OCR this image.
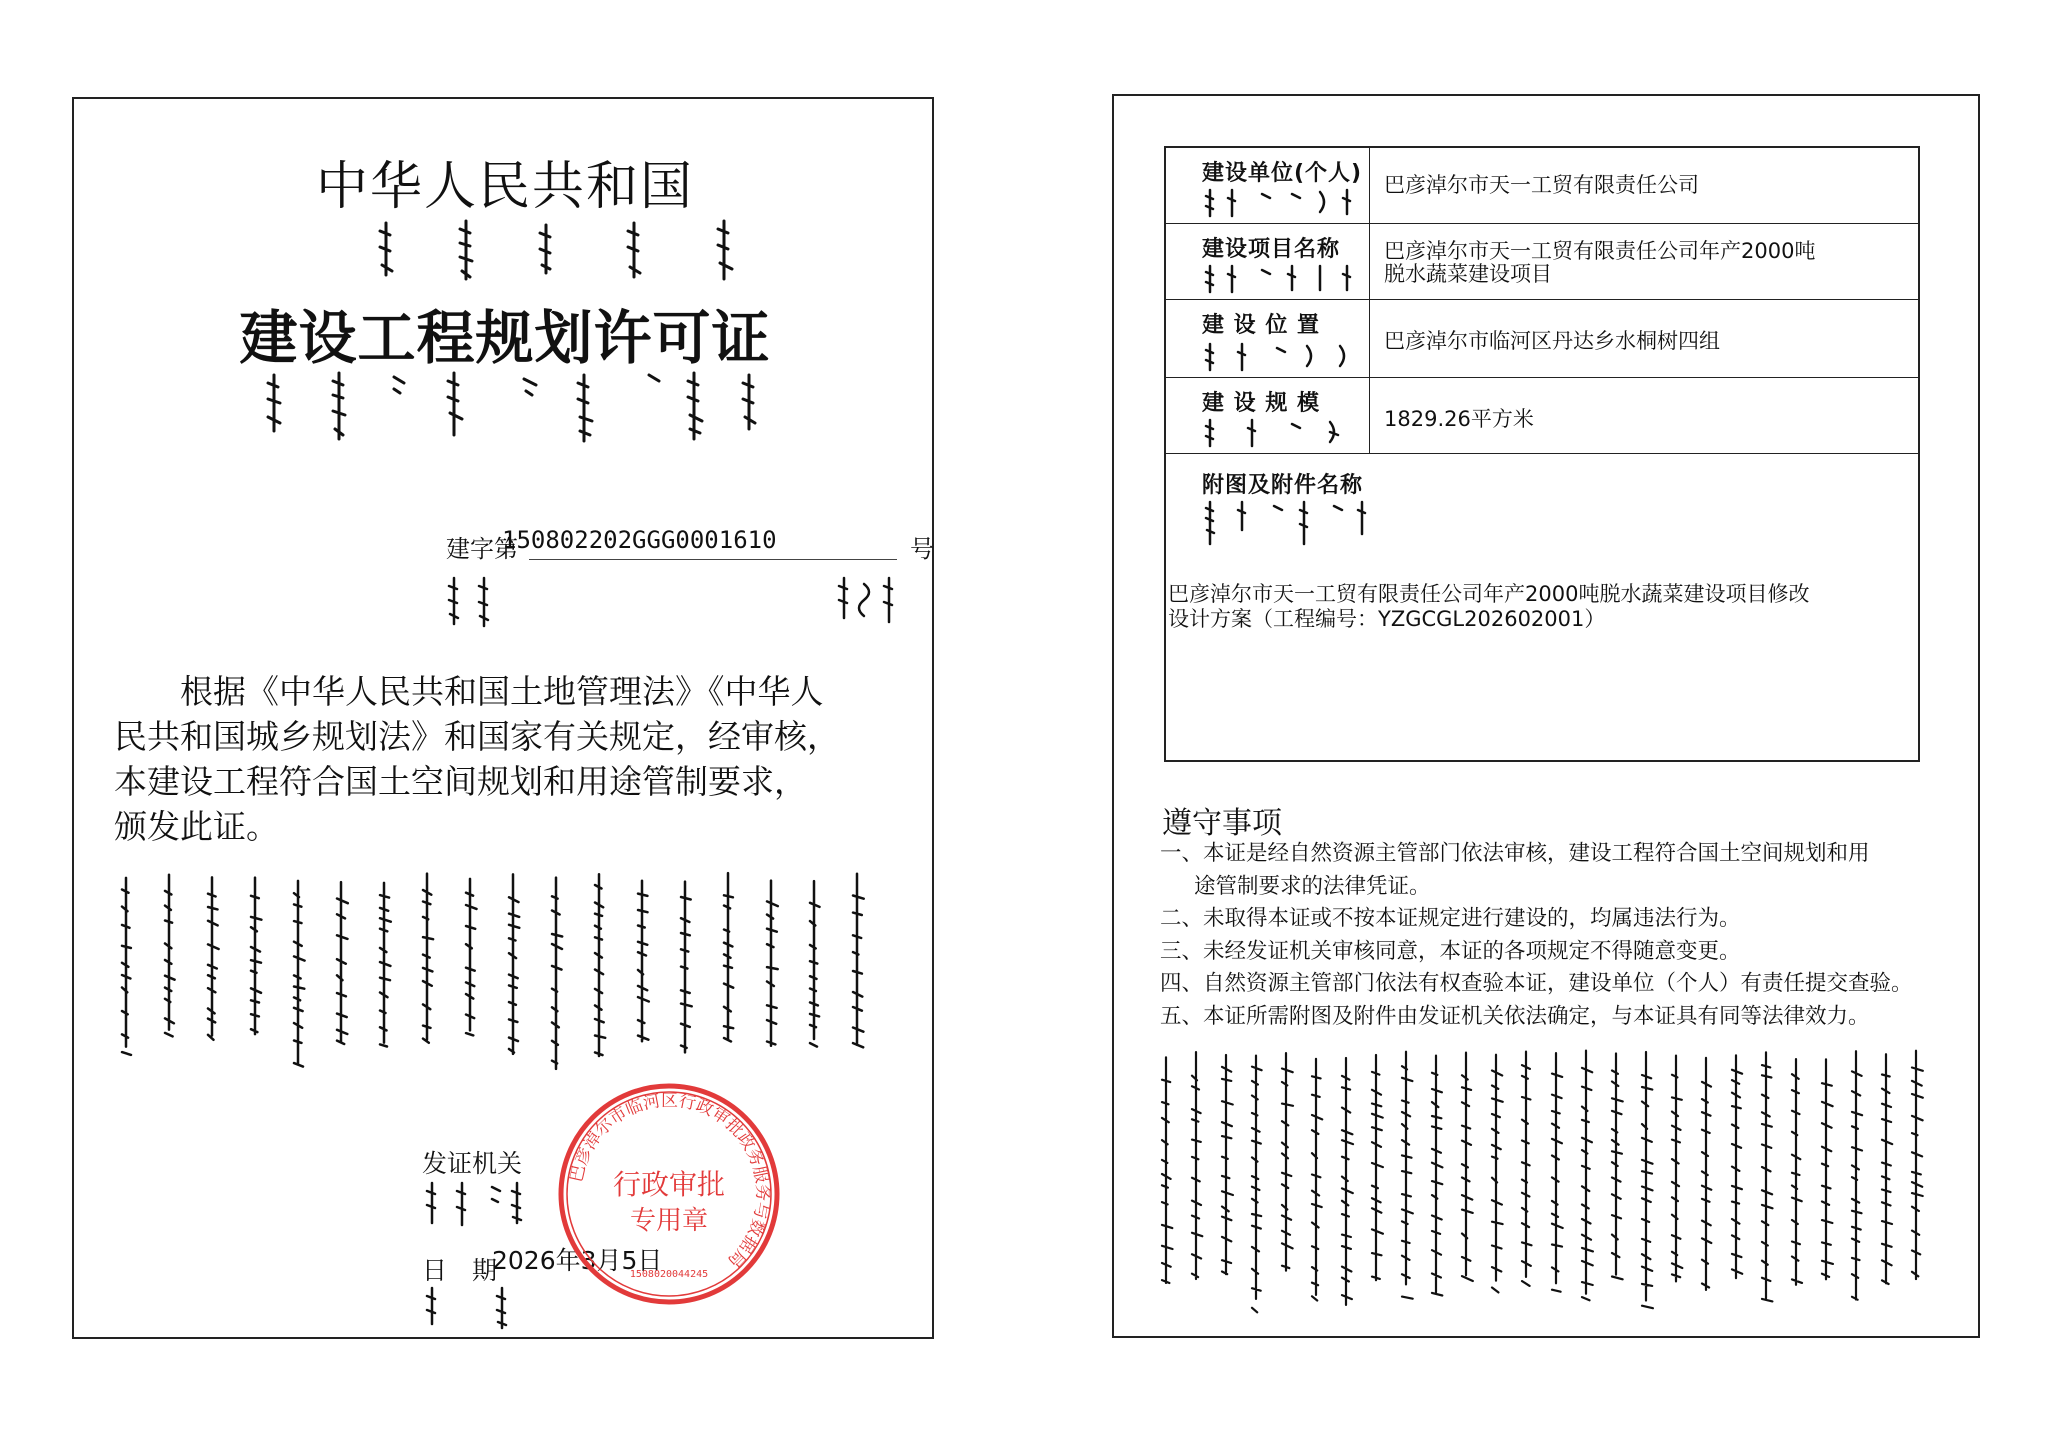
中华人民共和国
建设工程规划许可证
建字第
150802202GGG0001610	号
根据《中华人民共和国土地管理法》《中华人
民共和国城乡规划法》和国家有关规定，经审核，
本建设工程符合国土空间规划和用途管制要求，
颁发此证。
发证机关
日　期
2026年3月5日
巴彦淖尔市临河区行政审批政务服务与数据局
行政审批
专用章
1508020044245
建设单位(个人) 巴彦淖尔市天一工贸有限责任公司
建设项目名称 巴彦淖尔市天一工贸有限责任公司年产2000吨
脱水蔬菜建设项目
建 设 位 置
巴彦淖尔市临河区丹达乡水桐树四组
建 设 规 模
1829.26平方米
附图及附件名称
巴彦淖尔市天一工贸有限责任公司年产2000吨脱水蔬菜建设项目修改
设计方案（工程编号：YZGCGL202602001）
遵守事项
一、本证是经自然资源主管部门依法审核，建设工程符合国土空间规划和用
途管制要求的法律凭证。
二、未取得本证或不按本证规定进行建设的，均属违法行为。
三、未经发证机关审核同意，本证的各项规定不得随意变更。
四、自然资源主管部门依法有权查验本证，建设单位（个人）有责任提交查验。
五、本证所需附图及附件由发证机关依法确定，与本证具有同等法律效力。
